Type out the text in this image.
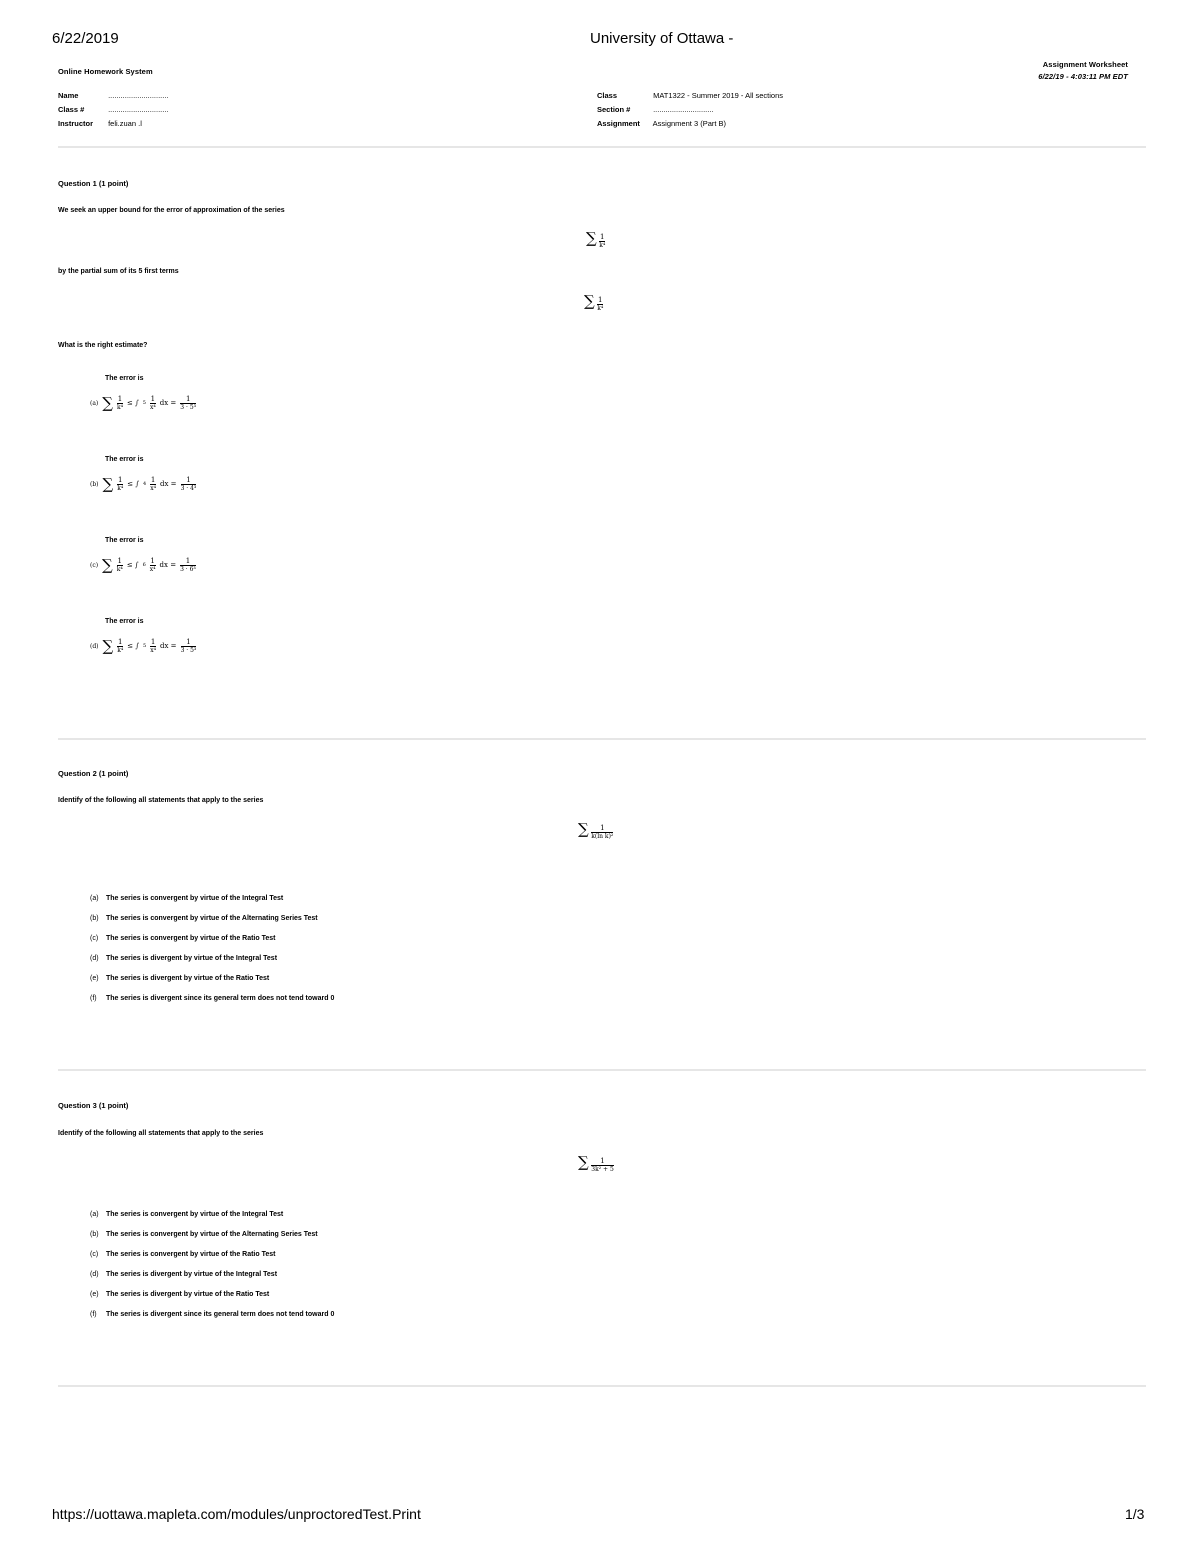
6/22/2019	University of Ottawa -
Online Homework System
Assignment Worksheet
6/22/19 - 4:03:11 PM EDT
Name	.............................
Class #	.............................
Instructor feli.zuan .l
Class	MAT1322 - Summer 2019 - All sections
Section #	.............................
Assignment Assignment 3 (Part B)
Question 1 (1 point)
We seek an upper bound for the error of approximation of the series
∑ $\frac{1}{\text{k⁴}}$
by the partial sum of its 5 first terms
∑ $\frac{1}{\text{k⁴}}$
What is the right estimate?
The error is
(a) ∑ $\frac{1}{\text{k⁴}}$ ≤ ∫ $5 \frac{1}{\text{x⁴}}$ dx = $\frac{1}{\text{3 · 5³}}$
The error is
(b) ∑ $\frac{1}{\text{k⁴}}$ ≤ ∫ $4 \frac{1}{\text{x⁴}}$ dx = $\frac{1}{\text{3 · 4³}}$
The error is
(c) ∑ $\frac{1}{\text{k⁴}}$ ≤ ∫ $6 \frac{1}{\text{x⁴}}$ dx = $\frac{1}{\text{3 · 6³}}$
The error is
(d) ∑ $\frac{1}{\text{k⁴}}$ ≤ ∫ $5 \frac{1}{\text{x⁴}}$ dx = $\frac{1}{\text{3 · 5³}}$
Question 2 (1 point)
Identify of the following all statements that apply to the series
∑ $\frac{1}{\text{k(ln k)²}}$
(a) The series is convergent by virtue of the Integral Test
(b) The series is convergent by virtue of the Alternating Series Test
(c) The series is convergent by virtue of the Ratio Test
(d) The series is divergent by virtue of the Integral Test
(e) The series is divergent by virtue of the Ratio Test
(f) The series is divergent since its general term does not tend toward 0
Question 3 (1 point)
Identify of the following all statements that apply to the series
∑ $\frac{1}{\text{3k² + 5}}$
(a) The series is convergent by virtue of the Integral Test
(b) The series is convergent by virtue of the Alternating Series Test
(c) The series is convergent by virtue of the Ratio Test
(d) The series is divergent by virtue of the Integral Test
(e) The series is divergent by virtue of the Ratio Test
(f) The series is divergent since its general term does not tend toward 0
https://uottawa.mapleta.com/modules/unproctoredTest.Print	1/3
